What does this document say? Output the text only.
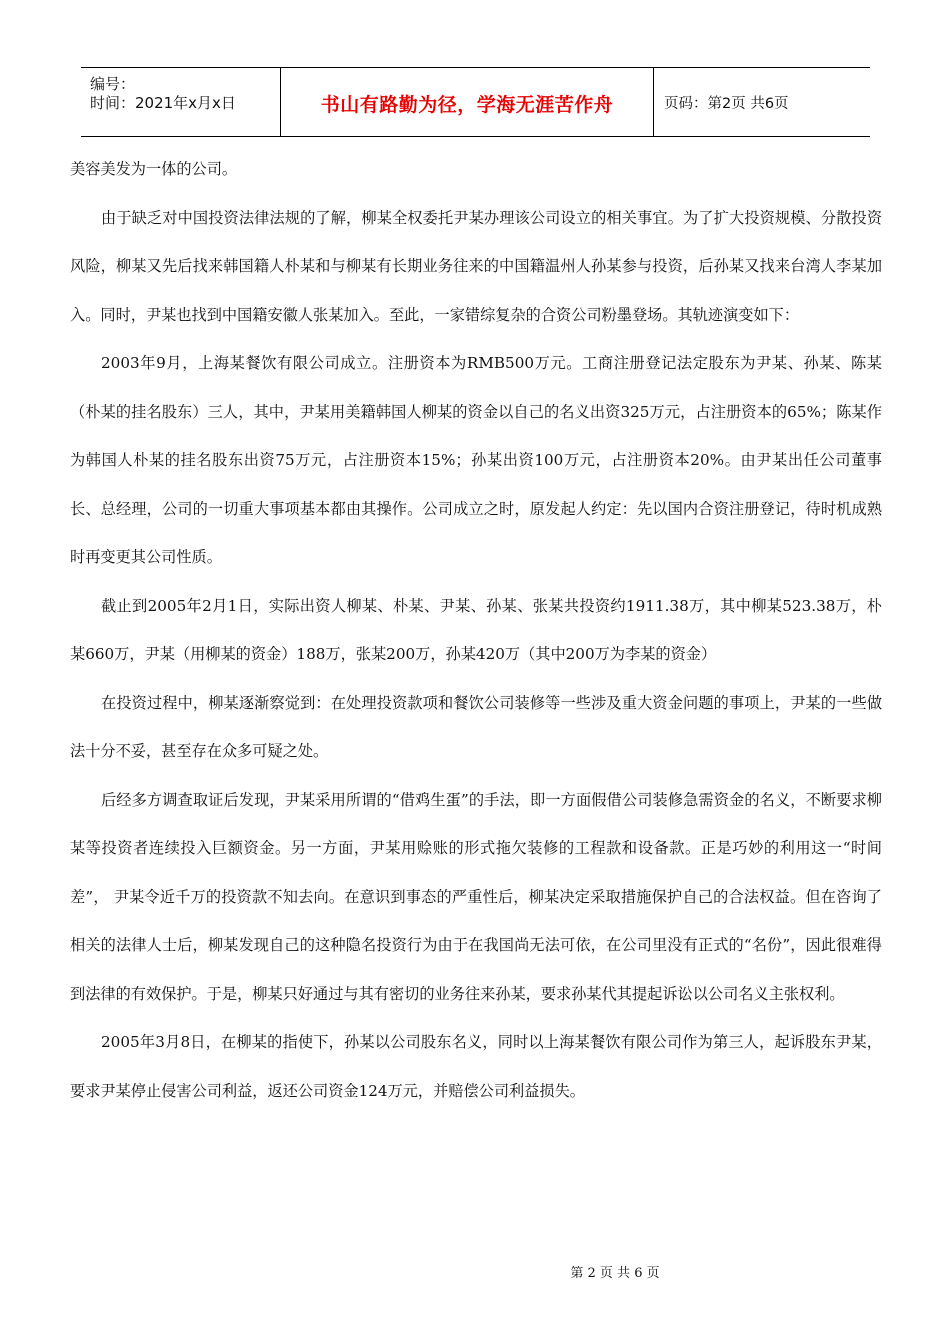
编号：
时间：2021年x月x日	书山有路勤为径，学海无涯苦作舟	页码：第2页 共6页

美容美发为一体的公司。

由于缺乏对中国投资法律法规的了解，柳某全权委托尹某办理该公司设立的相关事宜。为了扩大投资规模、分散投资风险，柳某又先后找来韩国籍人朴某和与柳某有长期业务往来的中国籍温州人孙某参与投资，后孙某又找来台湾人李某加入。同时，尹某也找到中国籍安徽人张某加入。至此，一家错综复杂的合资公司粉墨登场。其轨迹演变如下：

2003年9月，上海某餐饮有限公司成立。注册资本为RMB500万元。工商注册登记法定股东为尹某、孙某、陈某（朴某的挂名股东）三人，其中，尹某用美籍韩国人柳某的资金以自己的名义出资325万元，占注册资本的65%；陈某作为韩国人朴某的挂名股东出资75万元，占注册资本15%；孙某出资100万元，占注册资本20%。由尹某出任公司董事长、总经理，公司的一切重大事项基本都由其操作。公司成立之时，原发起人约定：先以国内合资注册登记，待时机成熟时再变更其公司性质。

截止到2005年2月1日，实际出资人柳某、朴某、尹某、孙某、张某共投资约1911.38万，其中柳某523.38万，朴某660万，尹某（用柳某的资金）188万，张某200万，孙某420万（其中200万为李某的资金）

在投资过程中，柳某逐渐察觉到：在处理投资款项和餐饮公司装修等一些涉及重大资金问题的事项上，尹某的一些做法十分不妥，甚至存在众多可疑之处。

后经多方调查取证后发现，尹某采用所谓的“借鸡生蛋”的手法，即一方面假借公司装修急需资金的名义，不断要求柳某等投资者连续投入巨额资金。另一方面，尹某用赊账的形式拖欠装修的工程款和设备款。正是巧妙的利用这一“时间差”， 尹某令近千万的投资款不知去向。在意识到事态的严重性后，柳某决定采取措施保护自己的合法权益。但在咨询了相关的法律人士后，柳某发现自己的这种隐名投资行为由于在我国尚无法可依，在公司里没有正式的“名份”，因此很难得到法律的有效保护。于是，柳某只好通过与其有密切的业务往来孙某，要求孙某代其提起诉讼以公司名义主张权利。

2005年3月8日，在柳某的指使下，孙某以公司股东名义，同时以上海某餐饮有限公司作为第三人，起诉股东尹某，要求尹某停止侵害公司利益，返还公司资金124万元，并赔偿公司利益损失。

第 2 页 共 6 页
